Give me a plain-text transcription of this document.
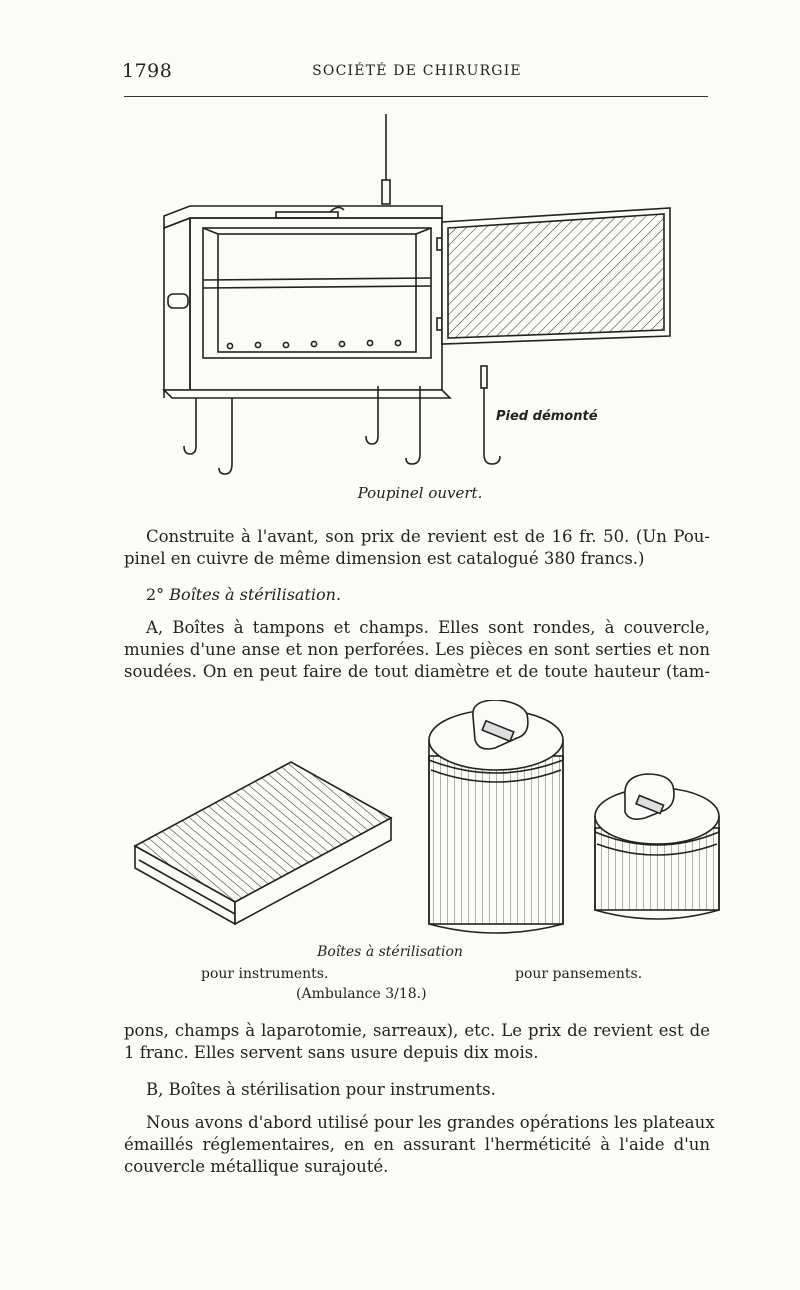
1798	SOCIÉTÉ DE CHIRURGIE
Pied démonté
Poupinel ouvert.

Construite à l'avant, son prix de revient est de 16 fr. 50. (Un Pou-
pinel en cuivre de même dimension est catalogué 380 francs.)

2° Boîtes à stérilisation.

A, Boîtes à tampons et champs. Elles sont rondes, à couvercle,
munies d'une anse et non perforées. Les pièces en sont serties et non
soudées. On en peut faire de tout diamètre et de toute hauteur (tam-

Boîtes à stérilisation
pour instruments.	pour pansements.
(Ambulance 3/18.)

pons, champs à laparotomie, sarreaux), etc. Le prix de revient est de
1 franc. Elles servent sans usure depuis dix mois.

B, Boîtes à stérilisation pour instruments.

Nous avons d'abord utilisé pour les grandes opérations les plateaux
émaillés réglementaires, en en assurant l'herméticité à l'aide d'un
couvercle métallique surajouté.
